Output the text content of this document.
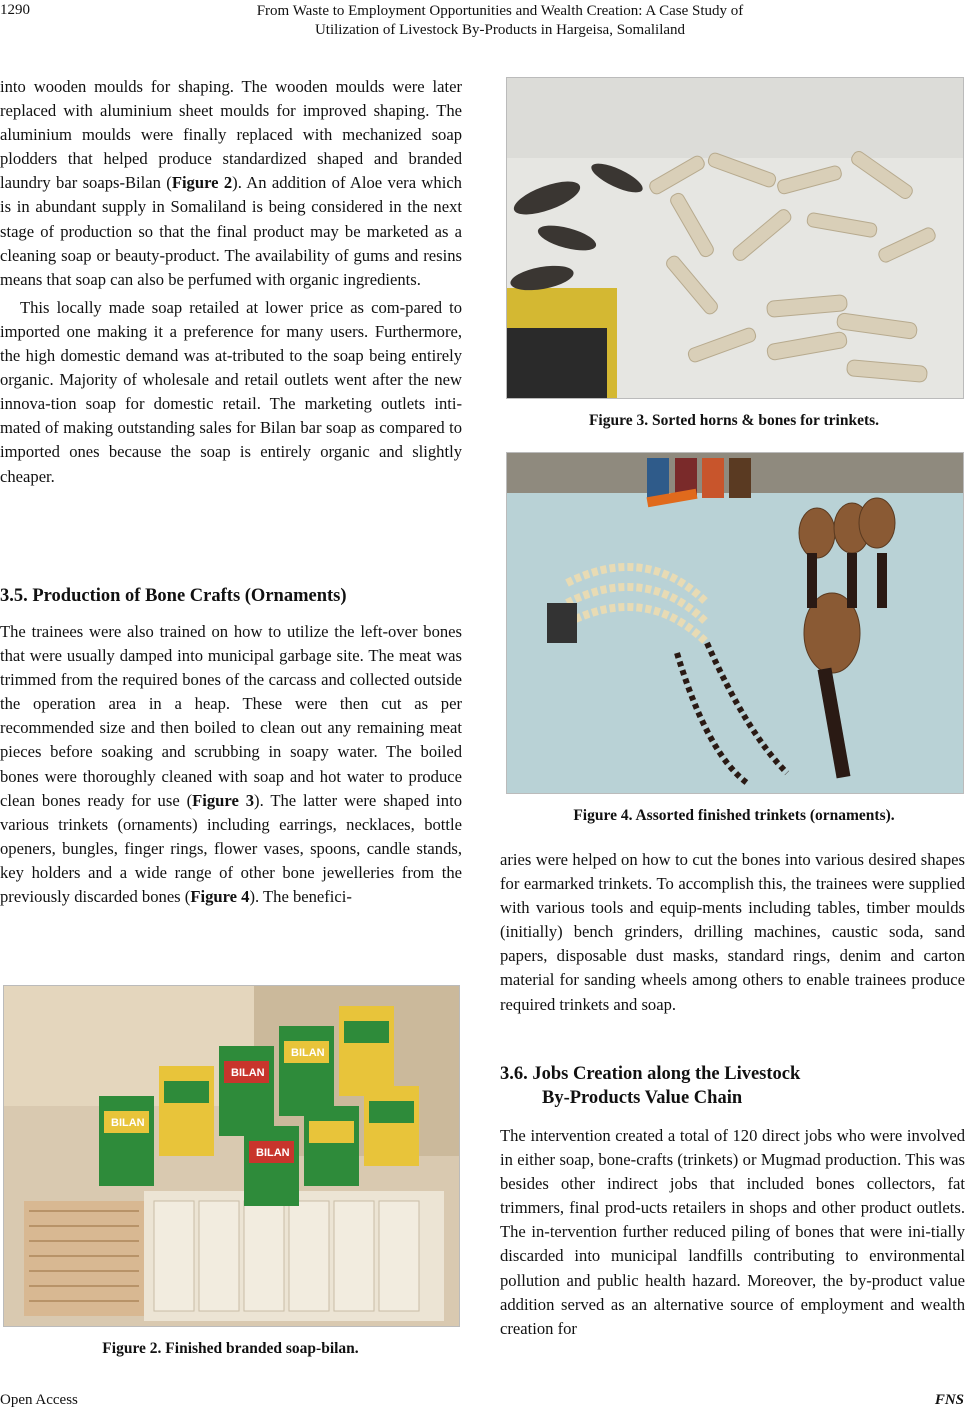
1290	From Waste to Employment Opportunities and Wealth Creation: A Case Study of
Utilization of Livestock By-Products in Hargeisa, Somaliland

into wooden moulds for shaping. The wooden moulds were later replaced with aluminium sheet moulds for improved shaping. The aluminium moulds were finally replaced with mechanized soap plodders that helped produce standardized shaped and branded laundry bar soaps-Bilan (Figure 2). An addition of Aloe vera which is in abundant supply in Somaliland is being considered in the next stage of production so that the final product may be marketed as a cleaning soap or beauty-product. The availability of gums and resins means that soap can also be perfumed with organic ingredients.

This locally made soap retailed at lower price as com-pared to imported one making it a preference for many users. Furthermore, the high domestic demand was at-tributed to the soap being entirely organic. Majority of wholesale and retail outlets went after the new innova-tion soap for domestic retail. The marketing outlets inti-mated of making outstanding sales for Bilan bar soap as compared to imported ones because the soap is entirely organic and slightly cheaper.

3.5. Production of Bone Crafts (Ornaments)

The trainees were also trained on how to utilize the left-over bones that were usually damped into municipal garbage site. The meat was trimmed from the required bones of the carcass and collected outside the operation area in a heap. These were then cut as per recommended size and then boiled to clean out any remaining meat pieces before soaking and scrubbing in soapy water. The boiled bones were thoroughly cleaned with soap and hot water to produce clean bones ready for use (Figure 3). The latter were shaped into various trinkets (ornaments) including earrings, necklaces, bottle openers, bungles, finger rings, flower vases, spoons, candle stands, key holders and a wide range of other bone jewelleries from the previously discarded bones (Figure 4). The benefici-

BILAN
BILAN
BILAN
BILAN
Figure 2. Finished branded soap-bilan.
Figure 3. Sorted horns & bones for trinkets.
Figure 4. Assorted finished trinkets (ornaments).

aries were helped on how to cut the bones into various desired shapes for earmarked trinkets. To accomplish this, the trainees were supplied with various tools and equip-ments including tables, timber moulds (initially) bench grinders, drilling machines, caustic soda, sand papers, disposable dust masks, standard rings, denim and carton material for sanding wheels among others to enable trainees produce required trinkets and soap.

3.6. Jobs Creation along the Livestock
By-Products Value Chain

The intervention created a total of 120 direct jobs who were involved in either soap, bone-crafts (trinkets) or Mugmad production. This was besides other indirect jobs that included bones collectors, fat trimmers, final prod-ucts retailers in shops and other product outlets. The in-tervention further reduced piling of bones that were ini-tially discarded into municipal landfills contributing to environmental pollution and public health hazard. Moreover, the by-product value addition served as an alternative source of employment and wealth creation for

Open Access	FNS
